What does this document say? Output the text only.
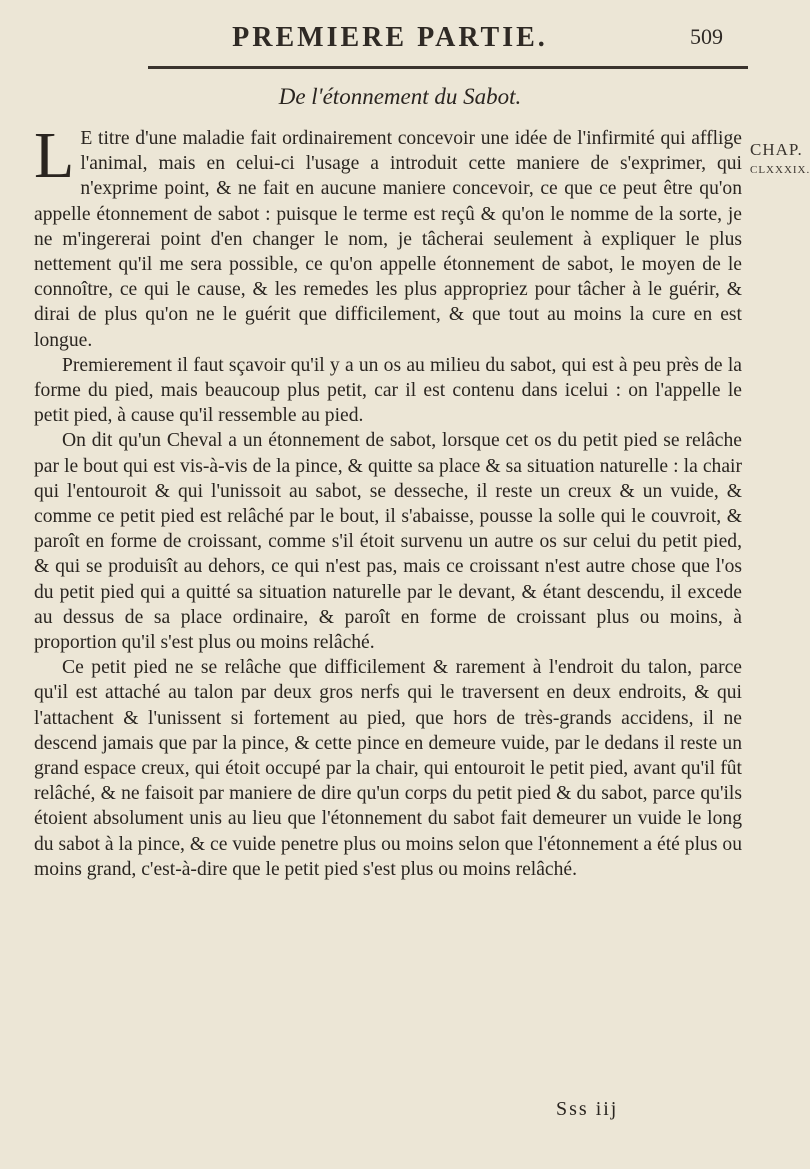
PREMIERE PARTIE.	509
De l'étonnement du Sabot.
CHAP.
CLXXXIX.

L E titre d'une maladie fait ordinairement concevoir une idée de l'infirmité qui afflige l'animal, mais en celui-ci l'usage a introduit cette maniere de s'exprimer, qui n'exprime point, & ne fait en aucune maniere concevoir, ce que ce peut être qu'on appelle étonnement de sabot : puisque le terme est reçû & qu'on le nomme de la sorte, je ne m'ingererai point d'en changer le nom, je tâcherai seulement à expliquer le plus nettement qu'il me sera possible, ce qu'on appelle étonnement de sabot, le moyen de le connoître, ce qui le cause, & les remedes les plus appropriez pour tâcher à le guérir, & dirai de plus qu'on ne le guérit que difficilement, & que tout au moins la cure en est longue.

Premierement il faut sçavoir qu'il y a un os au milieu du sabot, qui est à peu près de la forme du pied, mais beaucoup plus petit, car il est contenu dans icelui : on l'appelle le petit pied, à cause qu'il ressemble au pied.

On dit qu'un Cheval a un étonnement de sabot, lorsque cet os du petit pied se relâche par le bout qui est vis-à-vis de la pince, & quitte sa place & sa situation naturelle : la chair qui l'entouroit & qui l'unissoit au sabot, se desseche, il reste un creux & un vuide, & comme ce petit pied est relâché par le bout, il s'abaisse, pousse la solle qui le couvroit, & paroît en forme de croissant, comme s'il étoit survenu un autre os sur celui du petit pied, & qui se produisît au dehors, ce qui n'est pas, mais ce croissant n'est autre chose que l'os du petit pied qui a quitté sa situation naturelle par le devant, & étant descendu, il excede au dessus de sa place ordinaire, & paroît en forme de croissant plus ou moins, à proportion qu'il s'est plus ou moins relâché.

Ce petit pied ne se relâche que difficilement & rarement à l'endroit du talon, parce qu'il est attaché au talon par deux gros nerfs qui le traversent en deux endroits, & qui l'attachent & l'unissent si fortement au pied, que hors de très-grands accidens, il ne descend jamais que par la pince, & cette pince en demeure vuide, par le dedans il reste un grand espace creux, qui étoit occupé par la chair, qui entouroit le petit pied, avant qu'il fût relâché, & ne faisoit par maniere de dire qu'un corps du petit pied & du sabot, parce qu'ils étoient absolument unis au lieu que l'étonnement du sabot fait demeurer un vuide le long du sabot à la pince, & ce vuide penetre plus ou moins selon que l'étonnement a été plus ou moins grand, c'est-à-dire que le petit pied s'est plus ou moins relâché.

Sss iij
